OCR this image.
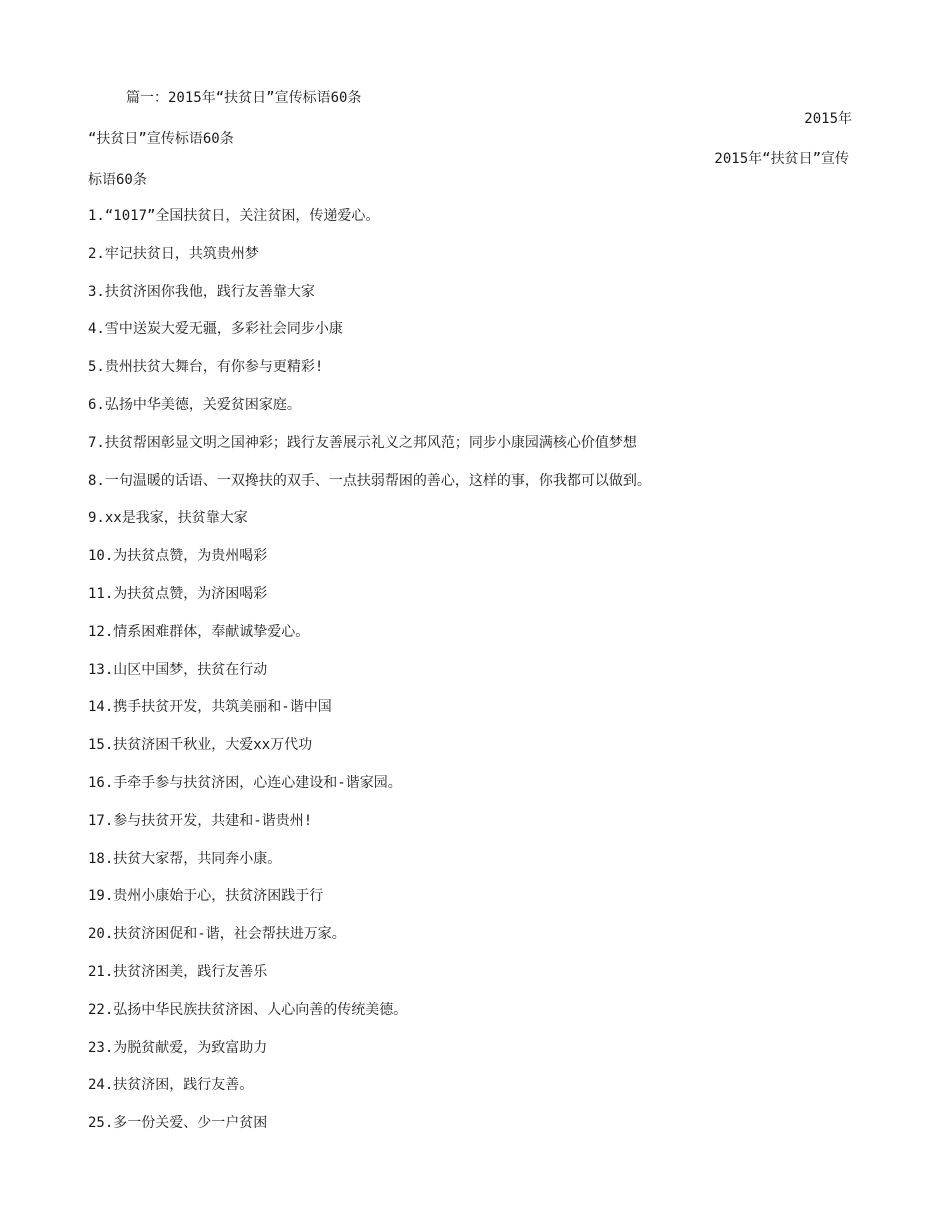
篇一：2015年“扶贫日”宣传标语60条
2015年
“扶贫日”宣传标语60条
2015年“扶贫日”宣传
标语60条
1.“1017”全国扶贫日，关注贫困，传递爱心。
2.牢记扶贫日，共筑贵州梦
3.扶贫济困你我他，践行友善靠大家
4.雪中送炭大爱无疆，多彩社会同步小康
5.贵州扶贫大舞台，有你参与更精彩!
6.弘扬中华美德，关爱贫困家庭。
7.扶贫帮困彰显文明之国神彩；践行友善展示礼义之邦风范；同步小康园满核心价值梦想
8.一句温暖的话语、一双搀扶的双手、一点扶弱帮困的善心，这样的事，你我都可以做到。
9.xx是我家，扶贫靠大家
10.为扶贫点赞，为贵州喝彩
11.为扶贫点赞，为济困喝彩
12.情系困难群体，奉献诚挚爱心。
13.山区中国梦，扶贫在行动
14.携手扶贫开发，共筑美丽和-谐中国
15.扶贫济困千秋业，大爱xx万代功
16.手牵手参与扶贫济困，心连心建设和-谐家园。
17.参与扶贫开发，共建和-谐贵州!
18.扶贫大家帮，共同奔小康。
19.贵州小康始于心，扶贫济困践于行
20.扶贫济困促和-谐，社会帮扶进万家。
21.扶贫济困美，践行友善乐
22.弘扬中华民族扶贫济困、人心向善的传统美德。
23.为脱贫献爱，为致富助力
24.扶贫济困，践行友善。
25.多一份关爱、少一户贫困
